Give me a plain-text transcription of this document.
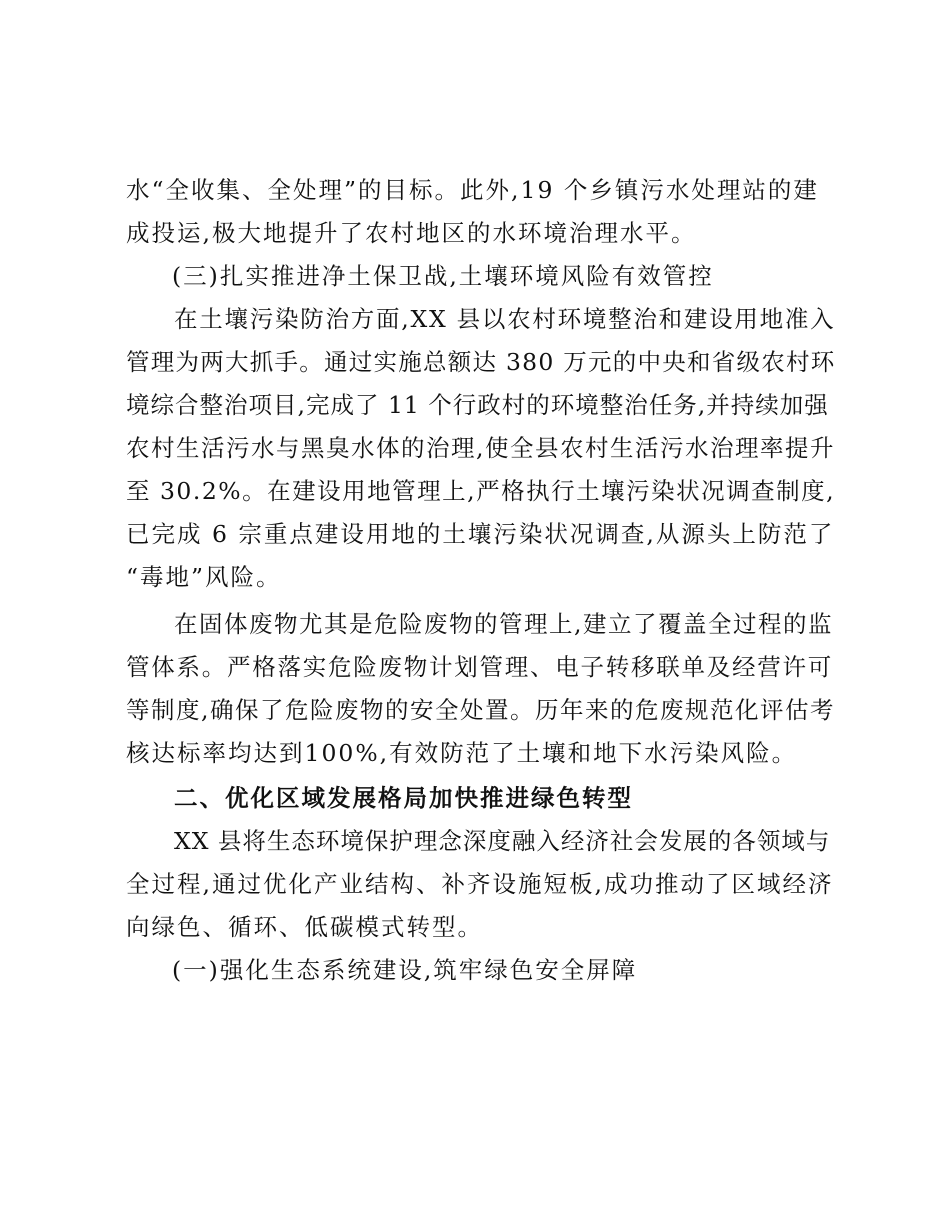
水“全收集、全处理”的目标。此外,19 个乡镇污水处理站的建

成投运,极大地提升了农村地区的水环境治理水平。

(三)扎实推进净土保卫战,土壤环境风险有效管控

在土壤污染防治方面,XX 县以农村环境整治和建设用地准入

管理为两大抓手。通过实施总额达 380 万元的中央和省级农村环

境综合整治项目,完成了 11 个行政村的环境整治任务,并持续加强

农村生活污水与黑臭水体的治理,使全县农村生活污水治理率提升

至 30.2%。在建设用地管理上,严格执行土壤污染状况调查制度,

已完成 6 宗重点建设用地的土壤污染状况调查,从源头上防范了

“毒地”风险。

在固体废物尤其是危险废物的管理上,建立了覆盖全过程的监

管体系。严格落实危险废物计划管理、电子转移联单及经营许可

等制度,确保了危险废物的安全处置。历年来的危废规范化评估考

核达标率均达到100%,有效防范了土壤和地下水污染风险。

二、优化区域发展格局加快推进绿色转型

XX 县将生态环境保护理念深度融入经济社会发展的各领域与

全过程,通过优化产业结构、补齐设施短板,成功推动了区域经济

向绿色、循环、低碳模式转型。

(一)强化生态系统建设,筑牢绿色安全屏障
